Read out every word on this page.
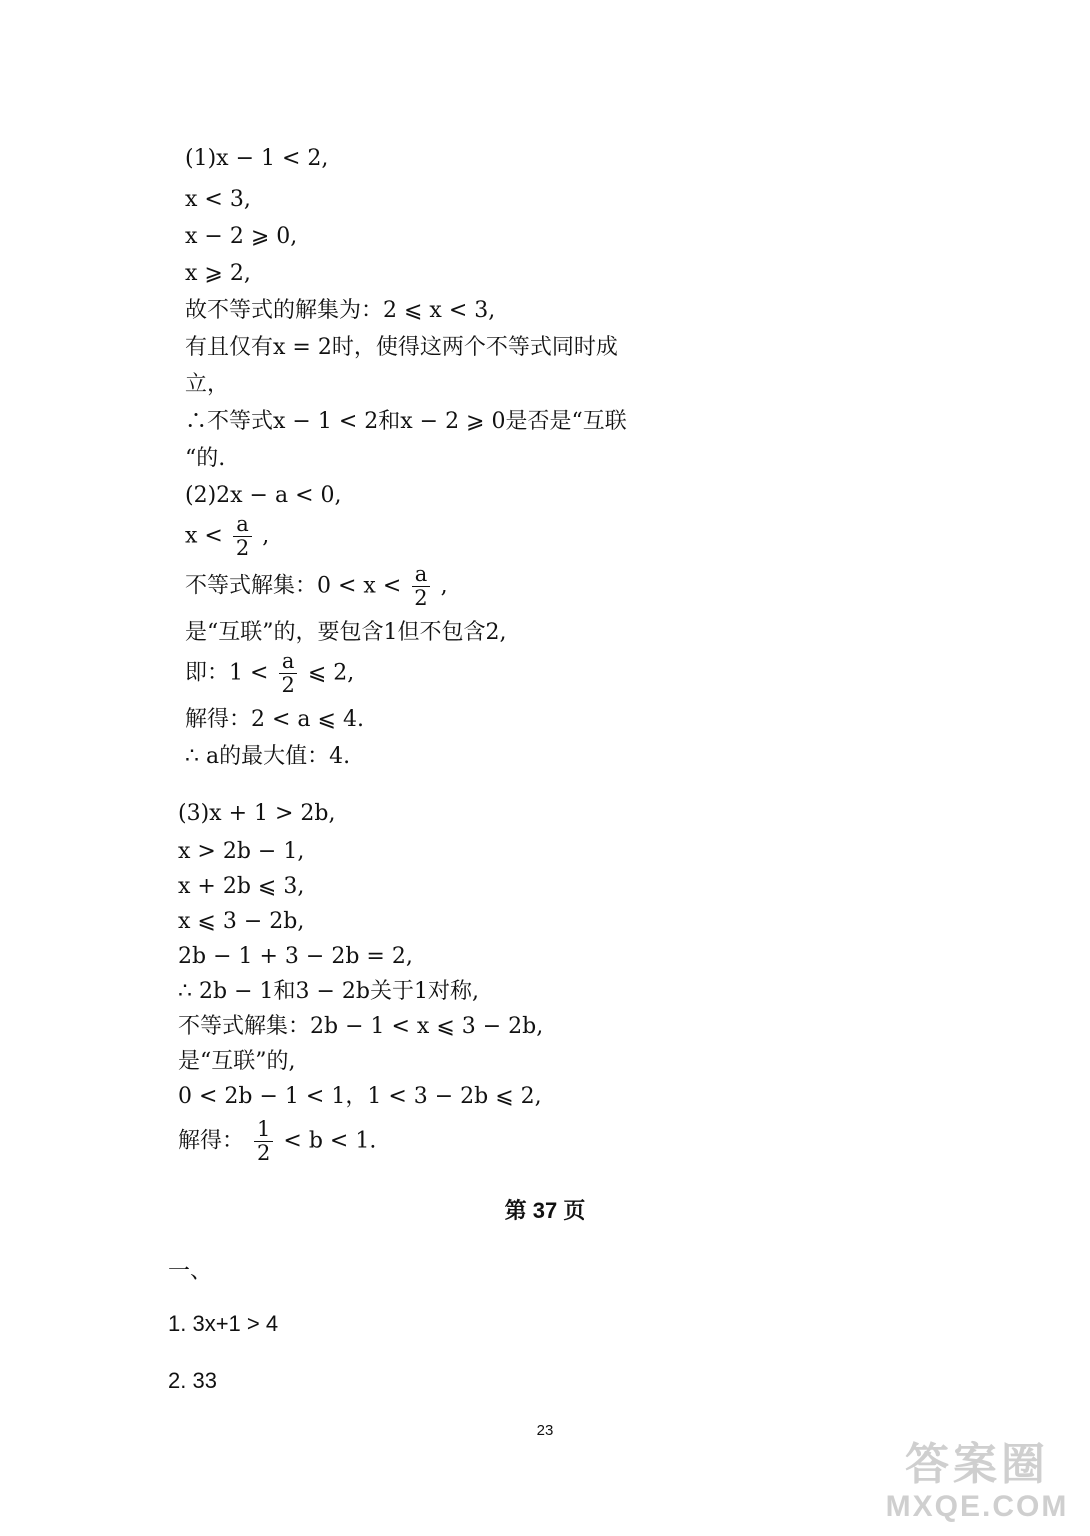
(1)x − 1 < 2,
x < 3,
x − 2 ⩾ 0,
x ⩾ 2,
故不等式的解集为：2 ⩽ x < 3,
有且仅有x = 2时，使得这两个不等式同时成
立，
∴不等式x − 1 < 2和x − 2 ⩾ 0是否是“互联
“的.
(2)2x − a < 0,
$x < \frac{a}{2}$ ,
不等式解集：$0 < x < \frac{a}{2}$ ,
是“互联”的，要包含1但不包含2,
即：$1 < \frac{a}{2}$ ⩽ 2,
解得：2 < a ⩽ 4.
∴ a的最大值：4.
(3)x + 1 > 2b,
x > 2b − 1,
x + 2b ⩽ 3,
x ⩽ 3 − 2b,
2b − 1 + 3 − 2b = 2,
∴ 2b − 1和3 − 2b关于1对称,
不等式解集：2b − 1 < x ⩽ 3 − 2b,
是“互联”的,
0 < 2b − 1 < 1，1 < 3 − 2b ⩽ 2,
解得： $\frac{1}{2} < b < 1$.
第 37 页
一、
1. 3x+1 > 4
2. 33
23
答案圈
MXQE.COM
